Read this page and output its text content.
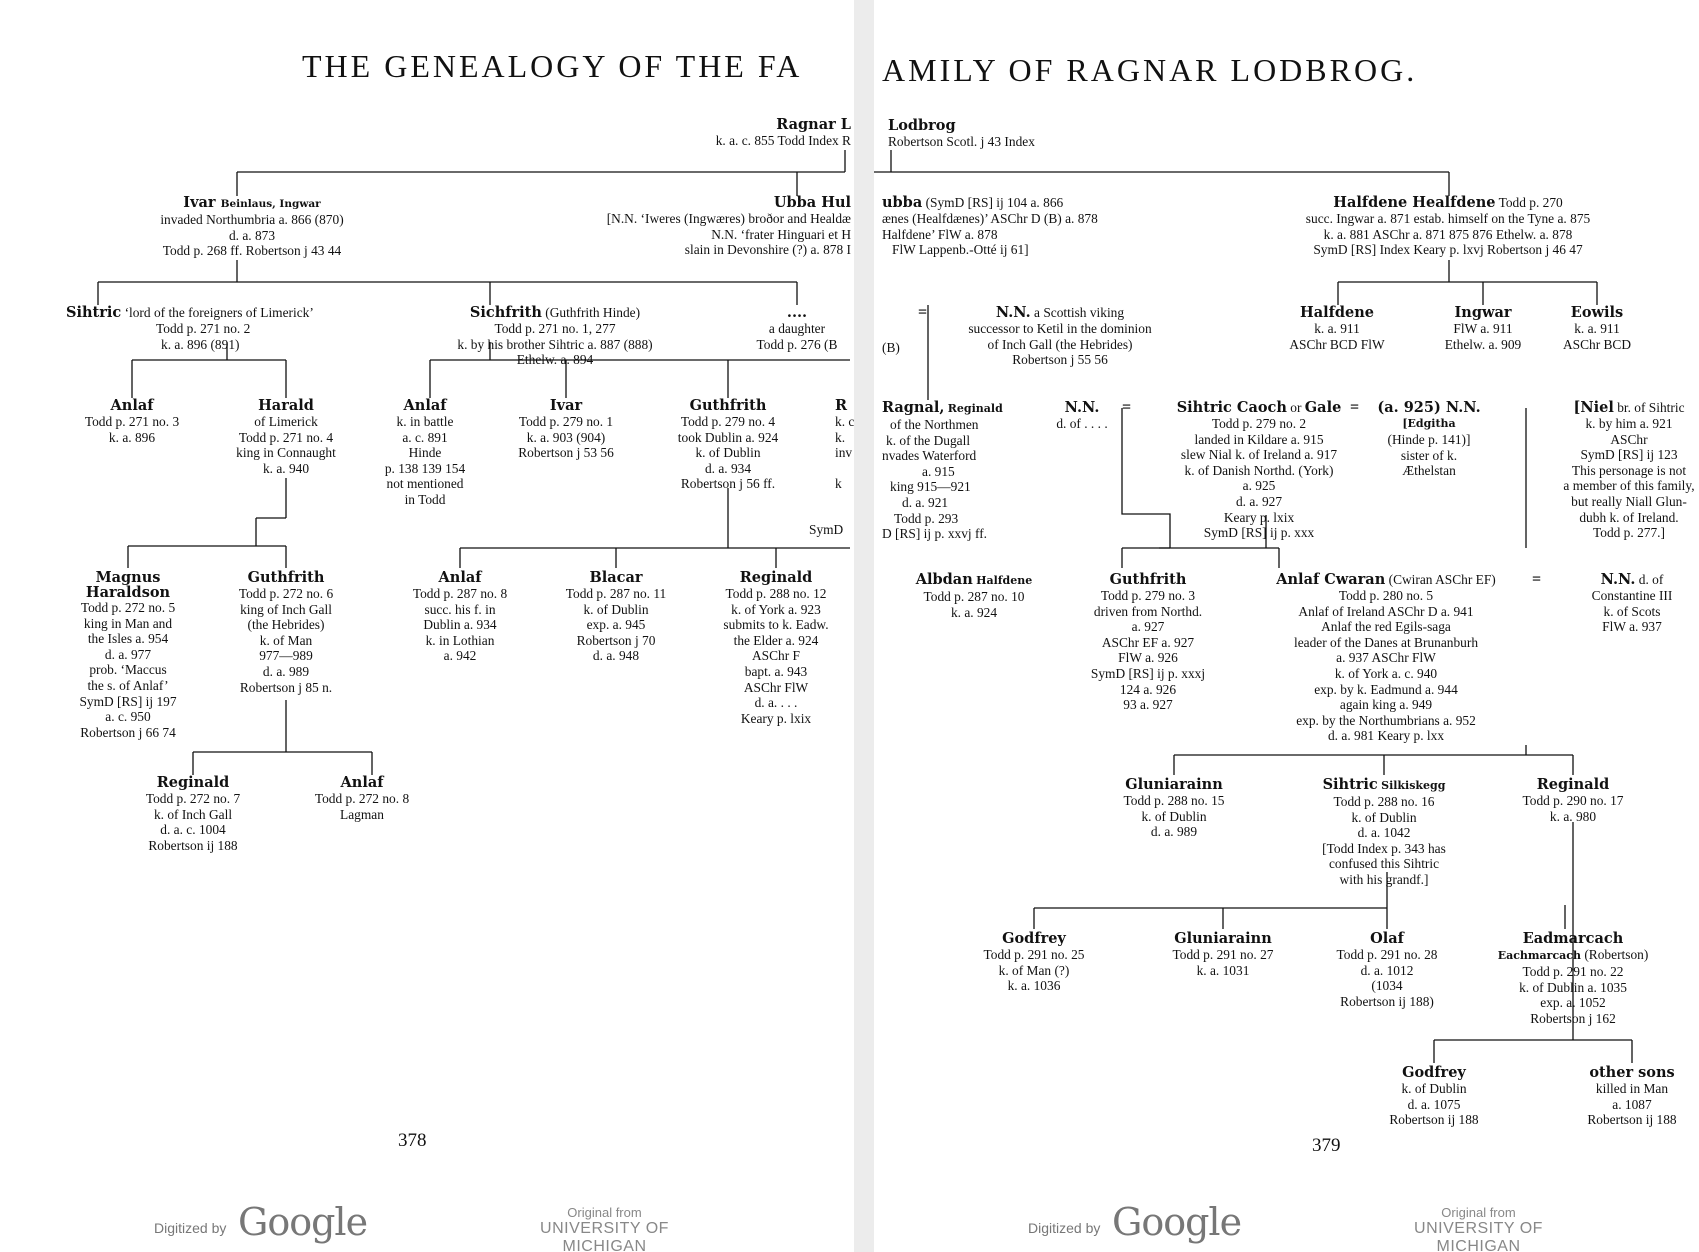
THE GENEALOGY OF THE FA
Ragnar L
k. a. c. 855 Todd Index R
Ivar Beinlaus, Ingwar
invaded Northumbria a. 866 (870)
d. a. 873
Todd p. 268 ff. Robertson j 43 44
Ubba Hul
[N.N. ‘Iweres (Ingwæres) broðor and Healdæ
N.N. ‘frater Hinguari et H
slain in Devonshire (?) a. 878 I
Sihtric ‘lord of the foreigners of Limerick’
Todd p. 271 no. 2
k. a. 896 (891)
Sichfrith (Guthfrith Hinde)
Todd p. 271 no. 1, 277
k. by his brother Sihtric a. 887 (888)
Ethelw. a. 894
....
a daughter
Todd p. 276 (B
Anlaf
Todd p. 271 no. 3
k. a. 896
Harald
of Limerick
Todd p. 271 no. 4
king in Connaught
k. a. 940
Anlaf
k. in battle
a. c. 891
Hinde
p. 138 139 154
not mentioned
in Todd
Ivar
Todd p. 279 no. 1
k. a. 903 (904)
Robertson j 53 56
Guthfrith
Todd p. 279 no. 4
took Dublin a. 924
k. of Dublin
d. a. 934
Robertson j 56 ff.
R
k. c
k.
inv
k
SymD
Magnus
Haraldson
Todd p. 272 no. 5
king in Man and
the Isles a. 954
d. a. 977
prob. ‘Maccus
the s. of Anlaf’
SymD [RS] ij 197
a. c. 950
Robertson j 66 74
Guthfrith
Todd p. 272 no. 6
king of Inch Gall
(the Hebrides)
k. of Man
977—989
d. a. 989
Robertson j 85 n.
Anlaf
Todd p. 287 no. 8
succ. his f. in
Dublin a. 934
k. in Lothian
a. 942
Blacar
Todd p. 287 no. 11
k. of Dublin
exp. a. 945
Robertson j 70
d. a. 948
Reginald
Todd p. 288 no. 12
k. of York a. 923
submits to k. Eadw.
the Elder a. 924
ASChr F
bapt. a. 943
ASChr FlW
d. a. . . .
Keary p. lxix
Reginald
Todd p. 272 no. 7
k. of Inch Gall
d. a. c. 1004
Robertson ij 188
Anlaf
Todd p. 272 no. 8
Lagman
378
Digitized by Google	Original from
UNIVERSITY OF MICHIGAN
AMILY OF RAGNAR LODBROG.
Lodbrog
Robertson Scotl. j 43 Index
ubba (SymD [RS] ij 104 a. 866
ænes (Healfdænes)’ ASChr D (B) a. 878
Halfdene’ FlW a. 878
FlW Lappenb.-Otté ij 61]
Halfdene Healfdene Todd p. 270
succ. Ingwar a. 871 estab. himself on the Tyne a. 875
k. a. 881 ASChr a. 871 875 876 Ethelw. a. 878
SymD [RS] Index Keary p. lxvj Robertson j 46 47
=
(B)
N.N. a Scottish viking
successor to Ketil in the dominion
of Inch Gall (the Hebrides)
Robertson j 55 56
Halfdene
k. a. 911
ASChr BCD FlW
Ingwar
FlW a. 911
Ethelw. a. 909
Eowils
k. a. 911
ASChr BCD
Ragnal, Reginald
of the Northmen
k. of the Dugall
nvades Waterford
a. 915
king 915—921
d. a. 921
Todd p. 293
D [RS] ij p. xxvj ff.
N.N.
d. of . . . .
=	Sihtric Caoch or Gale
Todd p. 279 no. 2
landed in Kildare a. 915
slew Nial k. of Ireland a. 917
k. of Danish Northd. (York)
a. 925
d. a. 927
Keary p. lxix
SymD [RS] ij p. xxx
= (a. 925) N.N.
[Edgitha
(Hinde p. 141)]
sister of k.
Æthelstan
[Niel br. of Sihtric
k. by him a. 921
ASChr
SymD [RS] ij 123
This personage is not
a member of this family,
but really Niall Glun-
dubh k. of Ireland.
Todd p. 277.]
Albdan Halfdene
Todd p. 287 no. 10
k. a. 924
Guthfrith
Todd p. 279 no. 3
driven from Northd.
a. 927
ASChr EF a. 927
FlW a. 926
SymD [RS] ij p. xxxj
124 a. 926
93 a. 927
Anlaf Cwaran (Cwiran ASChr EF)
Todd p. 280 no. 5
Anlaf of Ireland ASChr D a. 941
Anlaf the red Egils-saga
leader of the Danes at Brunanburh
a. 937 ASChr FlW
k. of York a. c. 940
exp. by k. Eadmund a. 944
again king a. 949
exp. by the Northumbrians a. 952
d. a. 981 Keary p. lxx
=	N.N. d. of
Constantine III
k. of Scots
FlW a. 937
Gluniarainn
Todd p. 288 no. 15
k. of Dublin
d. a. 989
Sihtric Silkiskegg
Todd p. 288 no. 16
k. of Dublin
d. a. 1042
[Todd Index p. 343 has
confused this Sihtric
with his grandf.]
Reginald
Todd p. 290 no. 17
k. a. 980
Godfrey
Todd p. 291 no. 25
k. of Man (?)
k. a. 1036
Gluniarainn
Todd p. 291 no. 27
k. a. 1031
Olaf
Todd p. 291 no. 28
d. a. 1012
(1034
Robertson ij 188)
Eadmarcach
Eachmarcach (Robertson)
Todd p. 291 no. 22
k. of Dublin a. 1035
exp. a. 1052
Robertson j 162
Godfrey
k. of Dublin
d. a. 1075
Robertson ij 188
other sons
killed in Man
a. 1087
Robertson ij 188
379
Digitized by Google	Original from
UNIVERSITY OF MICHIGAN
